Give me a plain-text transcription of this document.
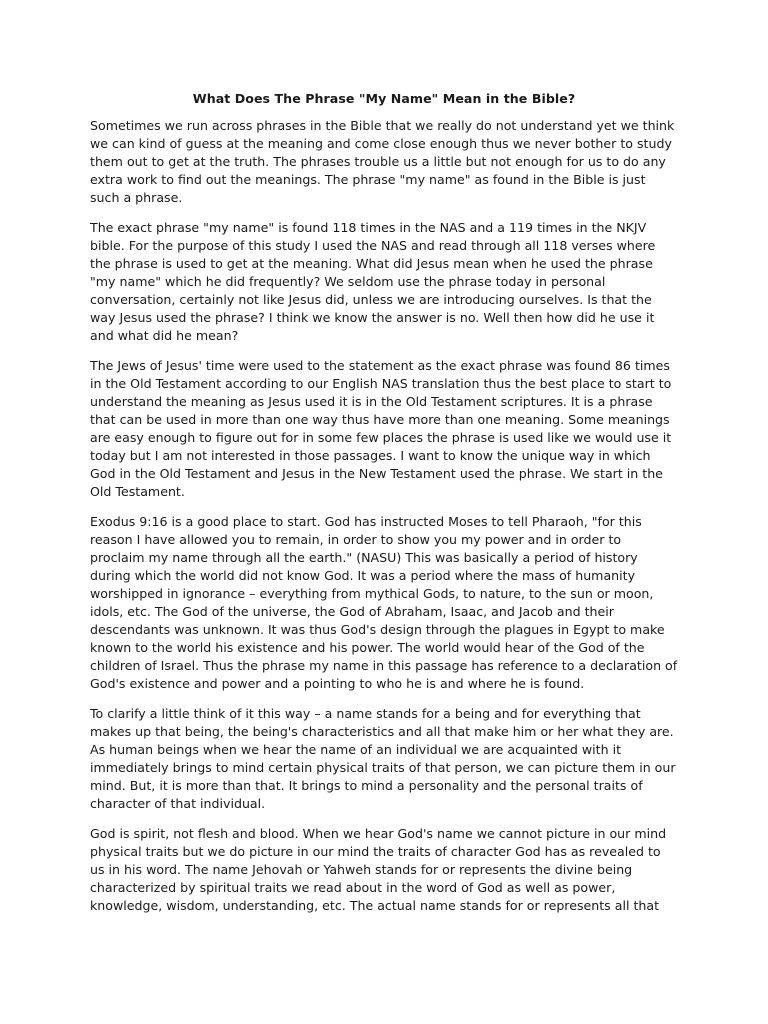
What Does The Phrase "My Name" Mean in the Bible?

Sometimes we run across phrases in the Bible that we really do not understand yet we think we can kind of guess at the meaning and come close enough thus we never bother to study them out to get at the truth. The phrases trouble us a little but not enough for us to do any extra work to find out the meanings. The phrase "my name" as found in the Bible is just such a phrase.

The exact phrase "my name" is found 118 times in the NAS and a 119 times in the NKJV bible. For the purpose of this study I used the NAS and read through all 118 verses where the phrase is used to get at the meaning. What did Jesus mean when he used the phrase "my name" which he did frequently? We seldom use the phrase today in personal conversation, certainly not like Jesus did, unless we are introducing ourselves. Is that the way Jesus used the phrase? I think we know the answer is no. Well then how did he use it and what did he mean?

The Jews of Jesus' time were used to the statement as the exact phrase was found 86 times in the Old Testament according to our English NAS translation thus the best place to start to understand the meaning as Jesus used it is in the Old Testament scriptures. It is a phrase that can be used in more than one way thus have more than one meaning. Some meanings are easy enough to figure out for in some few places the phrase is used like we would use it today but I am not interested in those passages. I want to know the unique way in which God in the Old Testament and Jesus in the New Testament used the phrase. We start in the Old Testament.

Exodus 9:16 is a good place to start. God has instructed Moses to tell Pharaoh, "for this reason I have allowed you to remain, in order to show you my power and in order to proclaim my name through all the earth." (NASU) This was basically a period of history during which the world did not know God. It was a period where the mass of humanity worshipped in ignorance – everything from mythical Gods, to nature, to the sun or moon, idols, etc. The God of the universe, the God of Abraham, Isaac, and Jacob and their descendants was unknown. It was thus God's design through the plagues in Egypt to make known to the world his existence and his power. The world would hear of the God of the children of Israel. Thus the phrase my name in this passage has reference to a declaration of God's existence and power and a pointing to who he is and where he is found.

To clarify a little think of it this way – a name stands for a being and for everything that makes up that being, the being's characteristics and all that make him or her what they are. As human beings when we hear the name of an individual we are acquainted with it immediately brings to mind certain physical traits of that person, we can picture them in our mind. But, it is more than that. It brings to mind a personality and the personal traits of character of that individual.

God is spirit, not flesh and blood. When we hear God's name we cannot picture in our mind physical traits but we do picture in our mind the traits of character God has as revealed to us in his word. The name Jehovah or Yahweh stands for or represents the divine being characterized by spiritual traits we read about in the word of God as well as power, knowledge, wisdom, understanding, etc. The actual name stands for or represents all that
